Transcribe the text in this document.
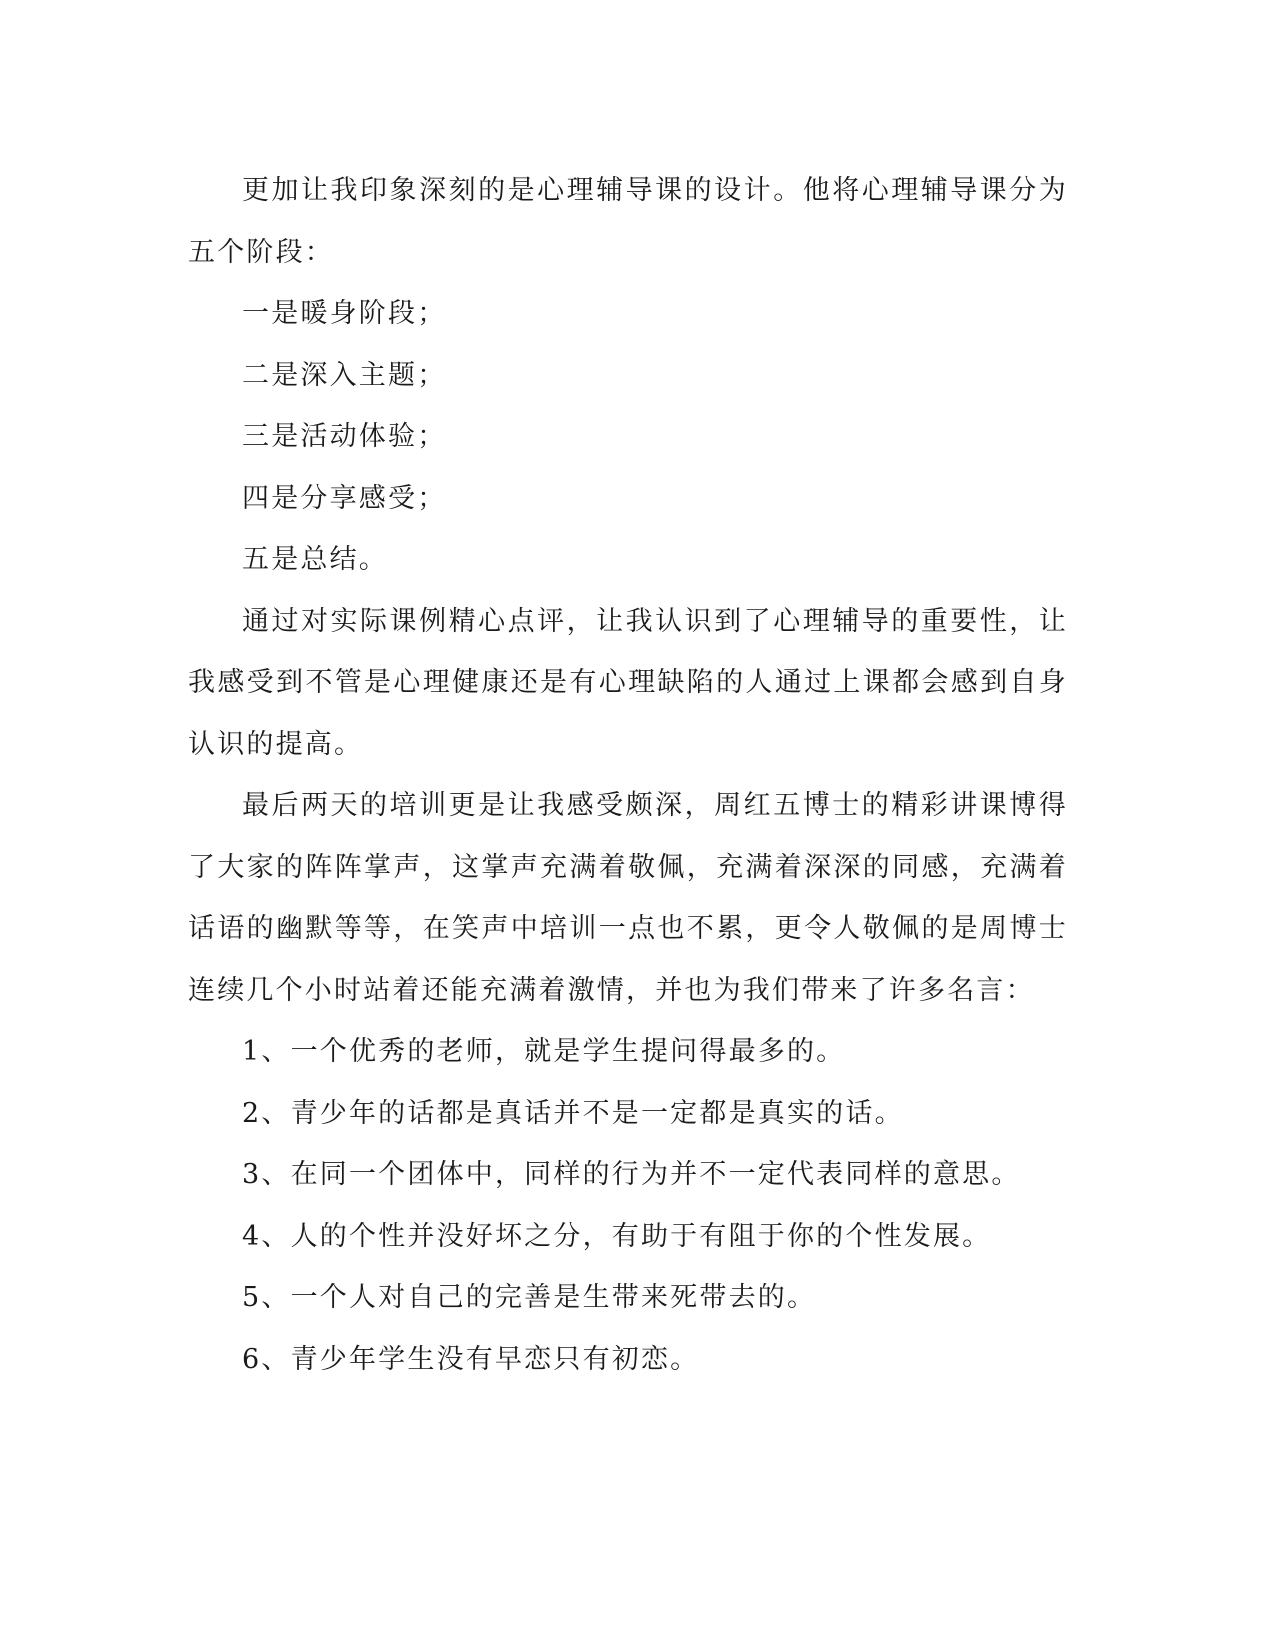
更加让我印象深刻的是心理辅导课的设计。他将心理辅导课分为五个阶段：

一是暖身阶段；

二是深入主题；

三是活动体验；

四是分享感受；

五是总结。

通过对实际课例精心点评，让我认识到了心理辅导的重要性，让我感受到不管是心理健康还是有心理缺陷的人通过上课都会感到自身认识的提高。

最后两天的培训更是让我感受颇深，周红五博士的精彩讲课博得了大家的阵阵掌声，这掌声充满着敬佩，充满着深深的同感，充满着话语的幽默等等，在笑声中培训一点也不累，更令人敬佩的是周博士连续几个小时站着还能充满着激情，并也为我们带来了许多名言：

1、一个优秀的老师，就是学生提问得最多的。

2、青少年的话都是真话并不是一定都是真实的话。

3、在同一个团体中，同样的行为并不一定代表同样的意思。

4、人的个性并没好坏之分，有助于有阻于你的个性发展。

5、一个人对自己的完善是生带来死带去的。

6、青少年学生没有早恋只有初恋。
